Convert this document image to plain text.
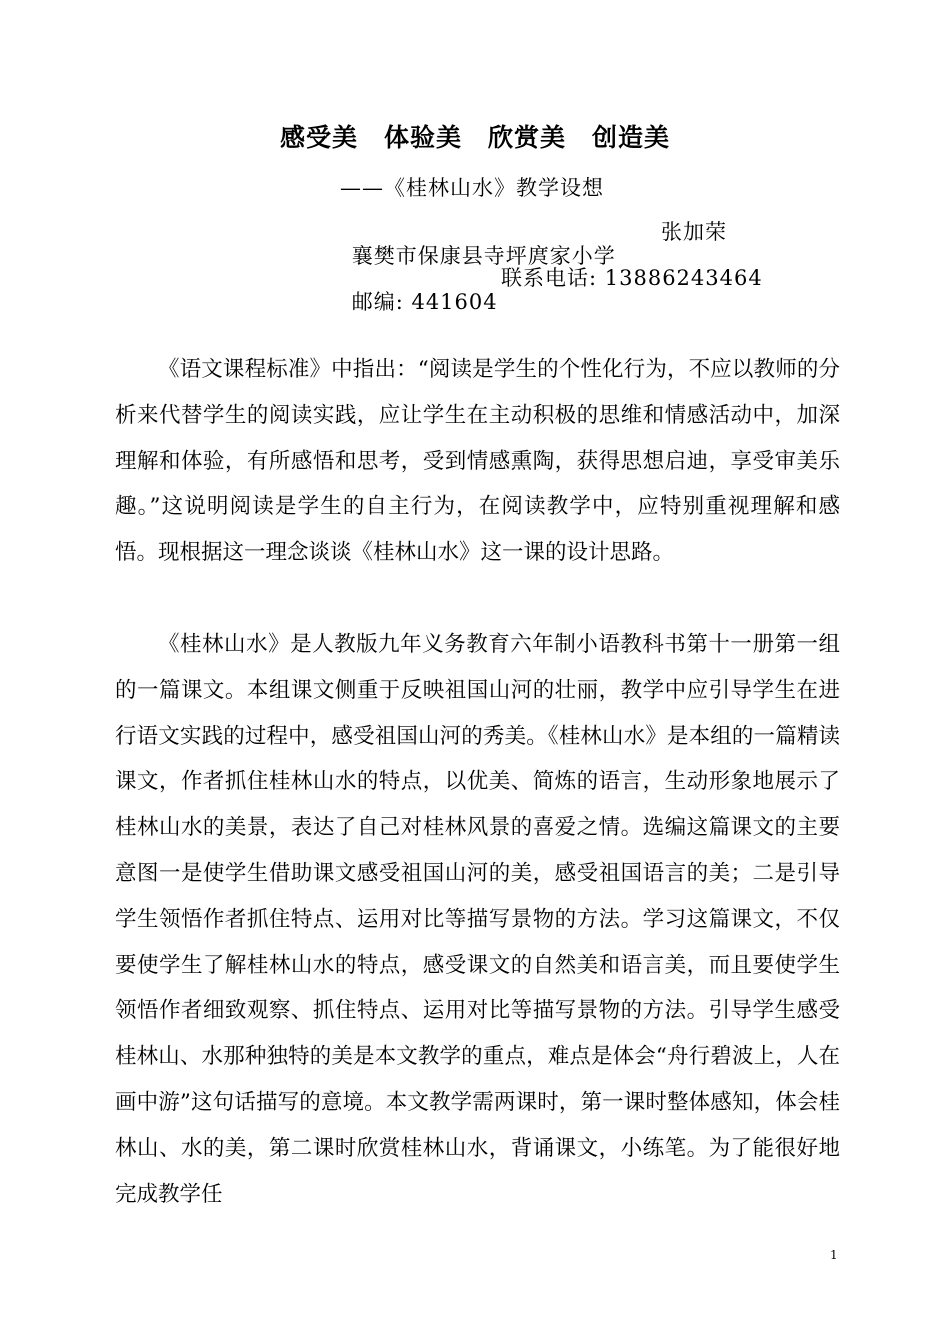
感受美　体验美　欣赏美　创造美
——《桂林山水》教学设想

襄樊市保康县寺坪庹家小学

张加荣

邮编: 441604

联系电话: 13886243464

《语文课程标准》中指出：“阅读是学生的个性化行为，不应以教师的分析来代替学生的阅读实践，应让学生在主动积极的思维和情感活动中，加深理解和体验，有所感悟和思考，受到情感熏陶，获得思想启迪，享受审美乐趣。”这说明阅读是学生的自主行为，在阅读教学中，应特别重视理解和感悟。现根据这一理念谈谈《桂林山水》这一课的设计思路。

《桂林山水》是人教版九年义务教育六年制小语教科书第十一册第一组的一篇课文。本组课文侧重于反映祖国山河的壮丽，教学中应引导学生在进行语文实践的过程中，感受祖国山河的秀美。《桂林山水》是本组的一篇精读课文，作者抓住桂林山水的特点，以优美、简炼的语言，生动形象地展示了桂林山水的美景，表达了自己对桂林风景的喜爱之情。选编这篇课文的主要意图一是使学生借助课文感受祖国山河的美，感受祖国语言的美；二是引导学生领悟作者抓住特点、运用对比等描写景物的方法。学习这篇课文，不仅要使学生了解桂林山水的特点，感受课文的自然美和语言美，而且要使学生领悟作者细致观察、抓住特点、运用对比等描写景物的方法。引导学生感受桂林山、水那种独特的美是本文教学的重点，难点是体会“舟行碧波上，人在画中游”这句话描写的意境。本文教学需两课时，第一课时整体感知，体会桂林山、水的美，第二课时欣赏桂林山水，背诵课文，小练笔。为了能很好地完成教学任

1
